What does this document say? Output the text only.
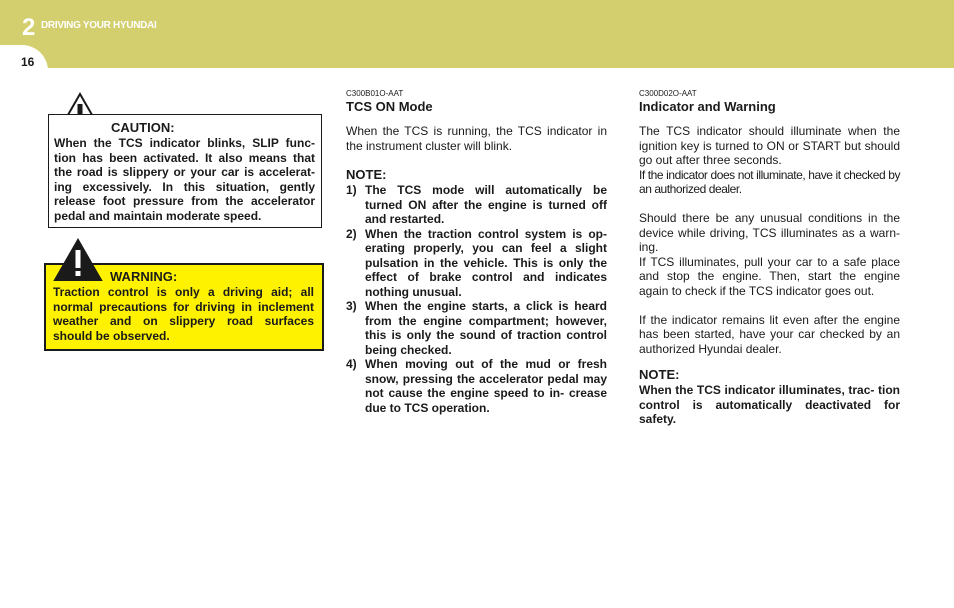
2 DRIVING YOUR HYUNDAI
16
CAUTION:
When the TCS indicator blinks, SLIP func- tion has been activated. It also means that the road is slippery or your car is accelerat- ing excessively. In this situation, gently release foot pressure from the accelerator pedal and maintain moderate speed.
WARNING:
Traction control is only a driving aid; all normal precautions for driving in inclement weather and on slippery road surfaces should be observed.
C300B01O-AAT
TCS ON Mode
When the TCS is running, the TCS indicator in the instrument cluster will blink.
NOTE:
1) The TCS mode will automatically be turned ON after the engine is turned off and restarted.
2) When the traction control system is op- erating properly, you can feel a slight pulsation in the vehicle. This is only the effect of brake control and indicates nothing unusual.
3) When the engine starts, a click is heard from the engine compartment; however, this is only the sound of traction control being checked.
4) When moving out of the mud or fresh snow, pressing the accelerator pedal may not cause the engine speed to in- crease due to TCS operation.
C300D02O-AAT
Indicator and Warning

The TCS indicator should illuminate when the ignition key is turned to ON or START but should go out after three seconds.

If the indicator does not illuminate, have it checked by an authorized dealer.

Should there be any unusual conditions in the device while driving, TCS illuminates as a warn- ing.

If TCS illuminates, pull your car to a safe place and stop the engine. Then, start the engine again to check if the TCS indicator goes out.

If the indicator remains lit even after the engine has been started, have your car checked by an authorized Hyundai dealer.

NOTE:
When the TCS indicator illuminates, trac- tion control is automatically deactivated for safety.
